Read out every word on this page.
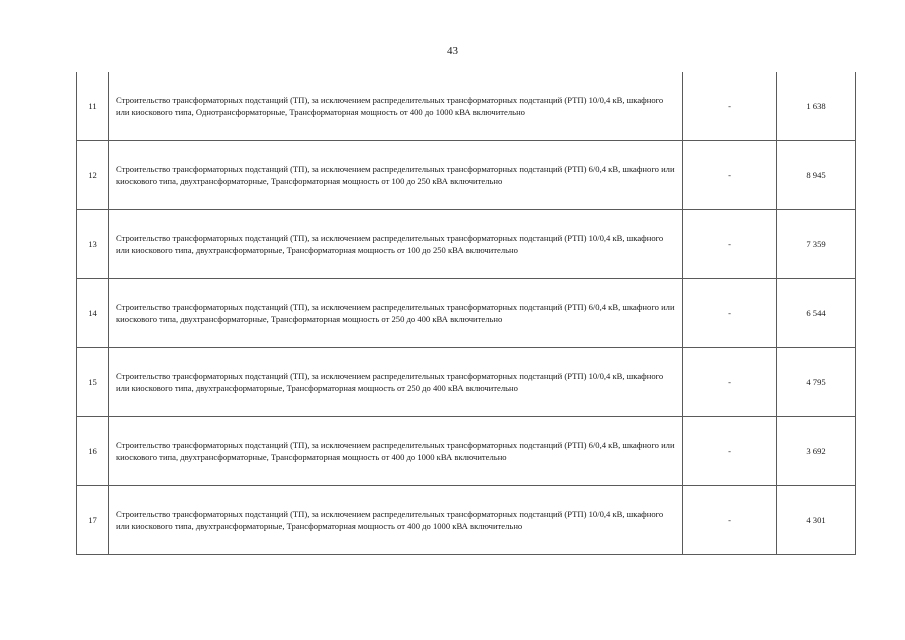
43
11	Строительство трансформаторных подстанций (ТП), за исключением распределительных трансформаторных подстанций (РТП) 10/0,4 кВ, шкафного или киоскового типа, Однотрансформаторные, Трансформаторная мощность от 400 до 1000 кВА включительно	-	1 638
12	Строительство трансформаторных подстанций (ТП), за исключением распределительных трансформаторных подстанций (РТП) 6/0,4 кВ, шкафного или киоскового типа, двухтрансформаторные, Трансформаторная мощность от 100 до 250 кВА включительно	-	8 945
13	Строительство трансформаторных подстанций (ТП), за исключением распределительных трансформаторных подстанций (РТП) 10/0,4 кВ, шкафного или киоскового типа, двухтрансформаторные, Трансформаторная мощность от 100 до 250 кВА включительно	-	7 359
14	Строительство трансформаторных подстанций (ТП), за исключением распределительных трансформаторных подстанций (РТП) 6/0,4 кВ, шкафного или киоскового типа, двухтрансформаторные, Трансформаторная мощность от 250 до 400 кВА включительно	-	6 544
15	Строительство трансформаторных подстанций (ТП), за исключением распределительных трансформаторных подстанций (РТП) 10/0,4 кВ, шкафного или киоскового типа, двухтрансформаторные, Трансформаторная мощность от 250 до 400 кВА включительно	-	4 795
16	Строительство трансформаторных подстанций (ТП), за исключением распределительных трансформаторных подстанций (РТП) 6/0,4 кВ, шкафного или киоскового типа, двухтрансформаторные, Трансформаторная мощность от 400 до 1000 кВА включительно	-	3 692
17	Строительство трансформаторных подстанций (ТП), за исключением распределительных трансформаторных подстанций (РТП) 10/0,4 кВ, шкафного или киоскового типа, двухтрансформаторные, Трансформаторная мощность от 400 до 1000 кВА включительно	-	4 301
